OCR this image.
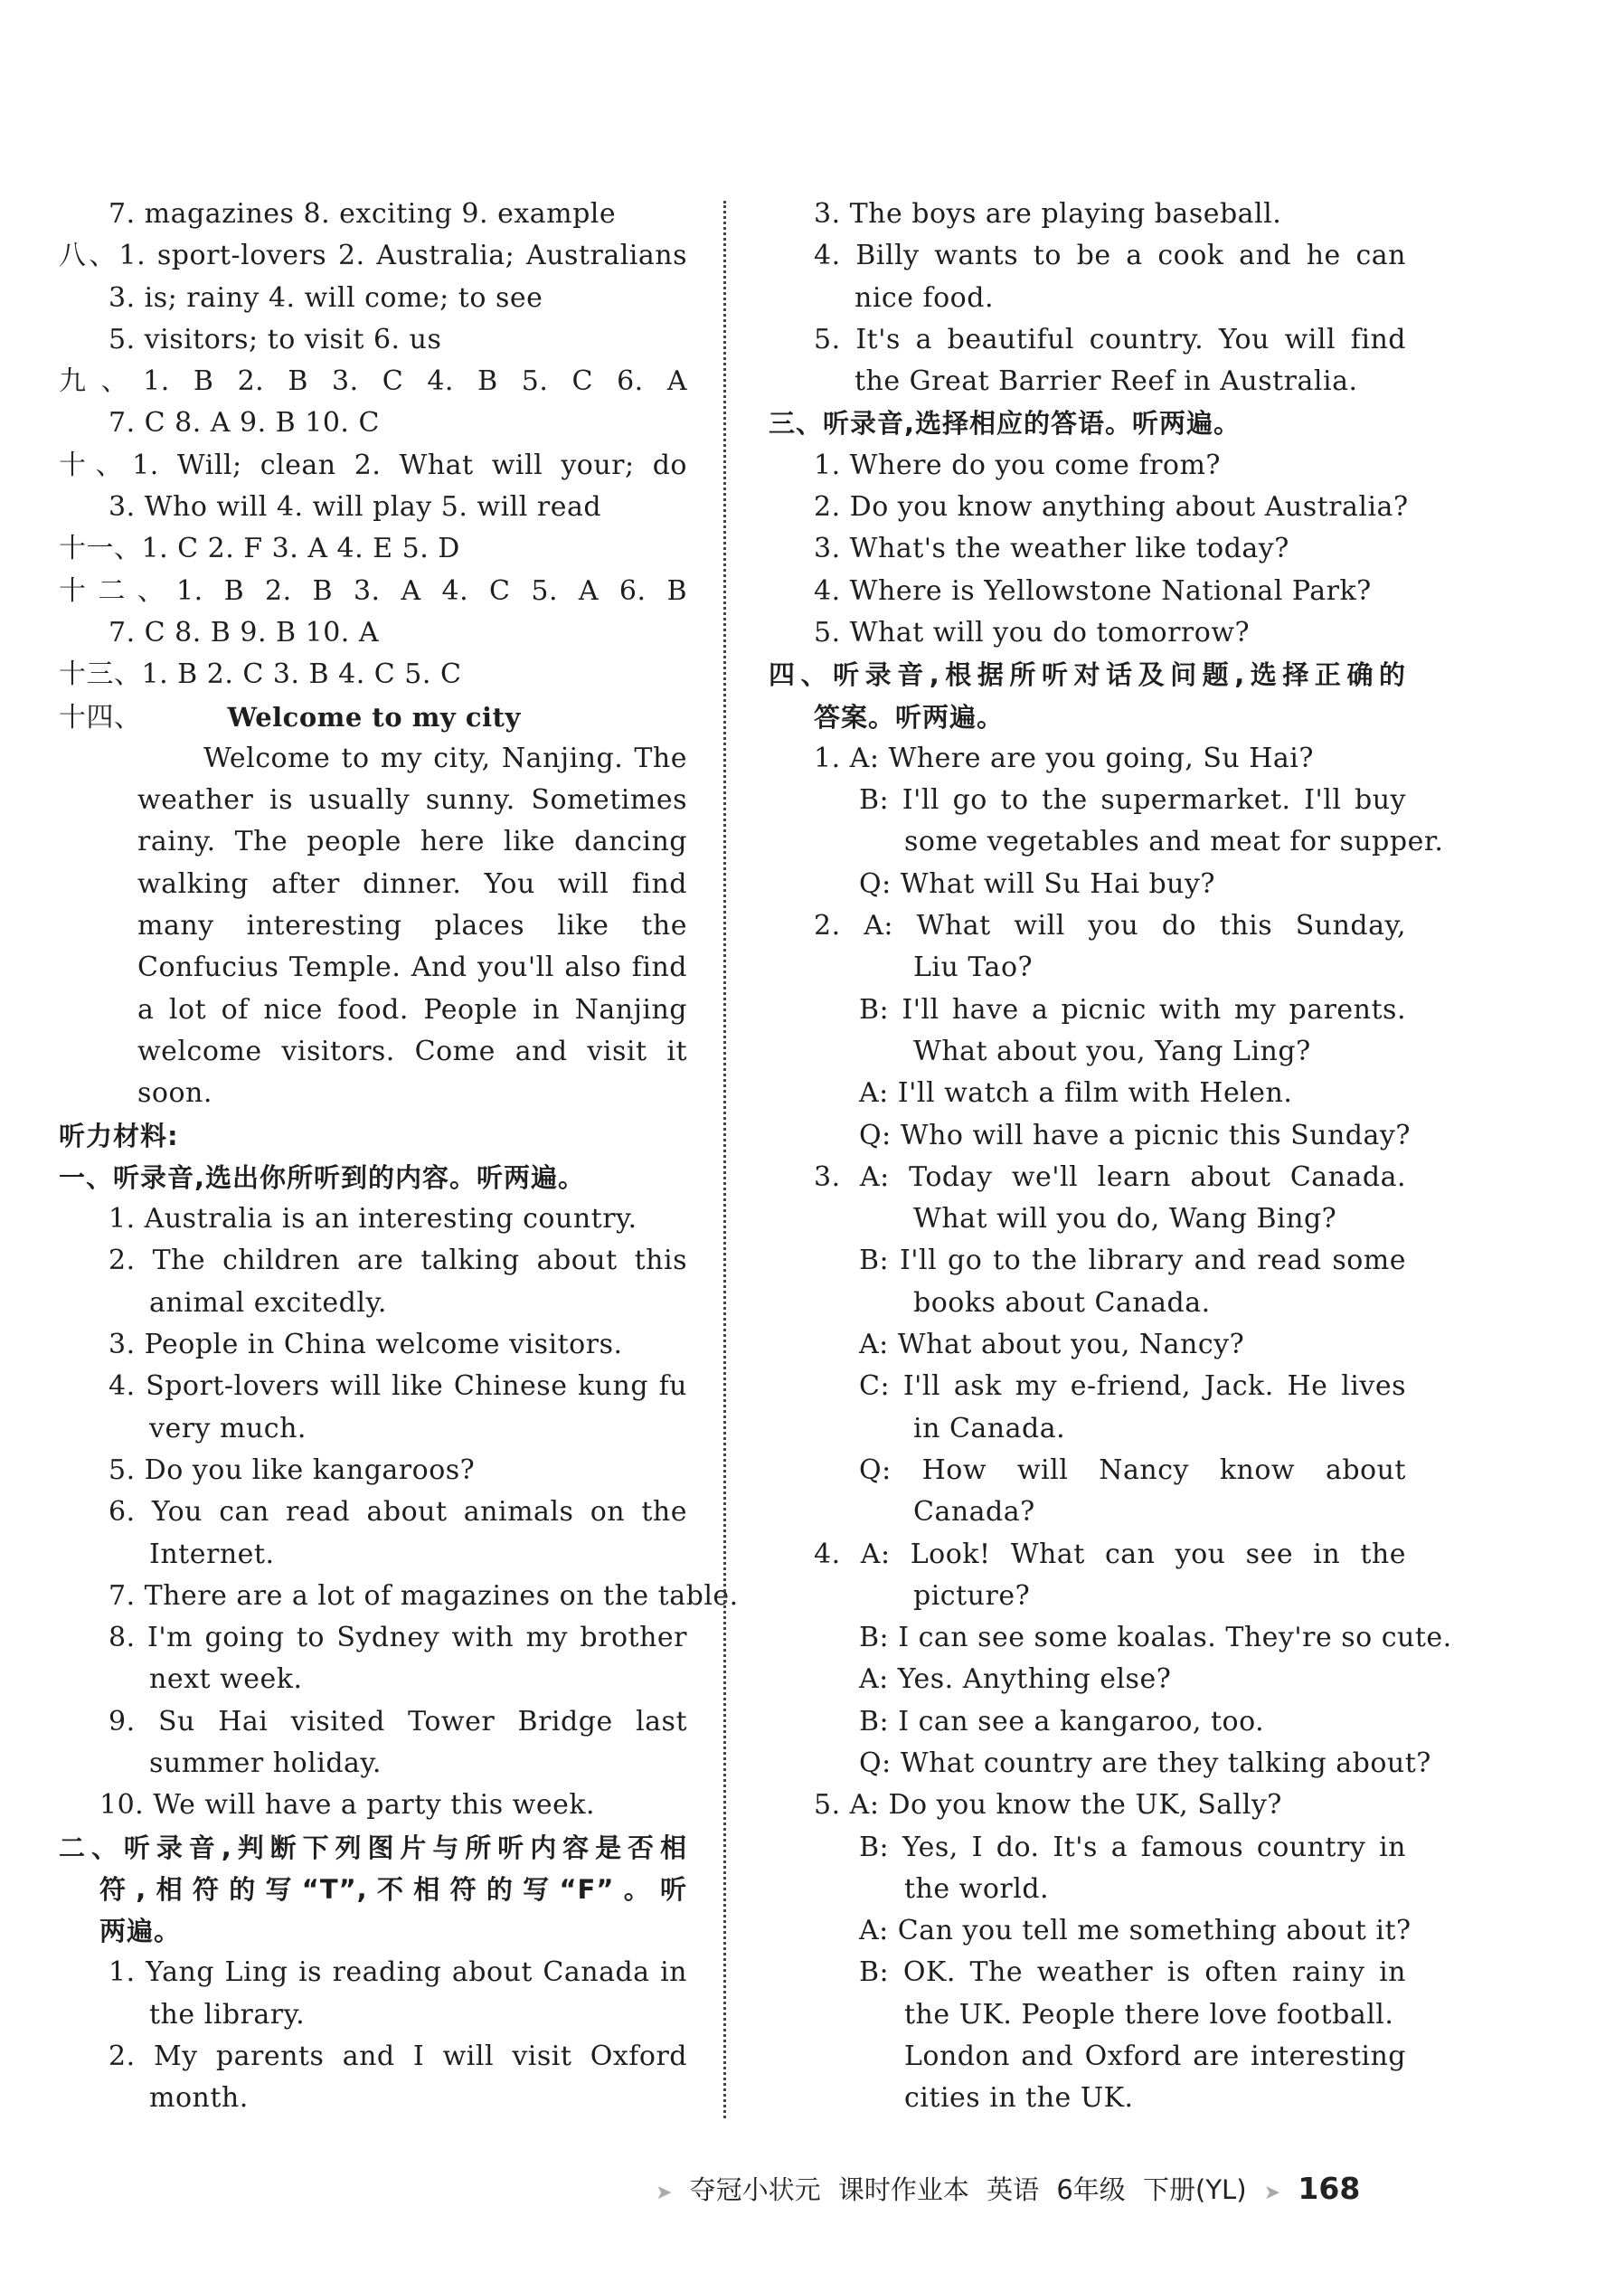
7. magazines 8. exciting 9. example
八、1. sport-lovers 2. Australia; Australians
3. is; rainy 4. will come; to see
5. visitors; to visit 6. us
九、1. B 2. B 3. C 4. B 5. C 6. A
7. C 8. A 9. B 10. C
十、1. Will; clean 2. What will your; do
3. Who will 4. will play 5. will read
十一、1. C 2. F 3. A 4. E 5. D
十二、1. B 2. B 3. A 4. C 5. A 6. B
7. C 8. B 9. B 10. A
十三、1. B 2. C 3. B 4. C 5. C
十四、	Welcome to my city
Welcome to my city, Nanjing. The
weather is usually sunny. Sometimes
rainy. The people here like dancing
walking after dinner. You will find
many interesting places like the
Confucius Temple. And you'll also find
a lot of nice food. People in Nanjing
welcome visitors. Come and visit it
soon.
听力材料:
一、听录音,选出你所听到的内容。听两遍。
1. Australia is an interesting country.
2. The children are talking about this
animal excitedly.
3. People in China welcome visitors.
4. Sport-lovers will like Chinese kung fu
very much.
5. Do you like kangaroos?
6. You can read about animals on the
Internet.
7. There are a lot of magazines on the table.
8. I'm going to Sydney with my brother
next week.
9. Su Hai visited Tower Bridge last
summer holiday.
10. We will have a party this week.
二、听录音,判断下列图片与所听内容是否相
符,相符的写“T”,不相符的写“F”。听
两遍。
1. Yang Ling is reading about Canada in
the library.
2. My parents and I will visit Oxford
month.
3. The boys are playing baseball.
4. Billy wants to be a cook and he can
nice food.
5. It's a beautiful country. You will find
the Great Barrier Reef in Australia.
三、听录音,选择相应的答语。听两遍。
1. Where do you come from?
2. Do you know anything about Australia?
3. What's the weather like today?
4. Where is Yellowstone National Park?
5. What will you do tomorrow?
四、听录音,根据所听对话及问题,选择正确的
答案。听两遍。
1. A: Where are you going, Su Hai?
B: I'll go to the supermarket. I'll buy
some vegetables and meat for supper.
Q: What will Su Hai buy?
2. A: What will you do this Sunday,
Liu Tao?
B: I'll have a picnic with my parents.
What about you, Yang Ling?
A: I'll watch a film with Helen.
Q: Who will have a picnic this Sunday?
3. A: Today we'll learn about Canada.
What will you do, Wang Bing?
B: I'll go to the library and read some
books about Canada.
A: What about you, Nancy?
C: I'll ask my e-friend, Jack. He lives
in Canada.
Q: How will Nancy know about
Canada?
4. A: Look! What can you see in the
picture?
B: I can see some koalas. They're so cute.
A: Yes. Anything else?
B: I can see a kangaroo, too.
Q: What country are they talking about?
5. A: Do you know the UK, Sally?
B: Yes, I do. It's a famous country in
the world.
A: Can you tell me something about it?
B: OK. The weather is often rainy in
the UK. People there love football.
London and Oxford are interesting
cities in the UK.
➤ 夺冠小状元 课时作业本 英语 6年级 下册(YL) ➤ 168
